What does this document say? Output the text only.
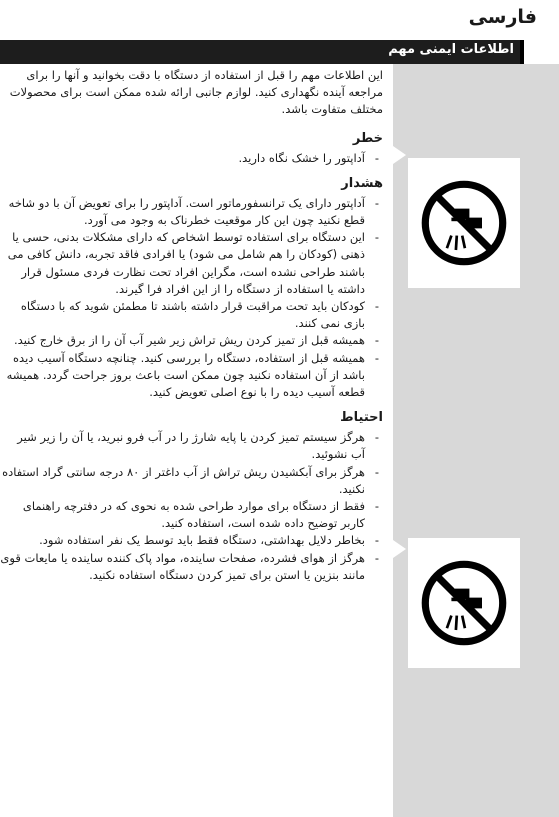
فارسی
اطلاعات ایمنی مهم

این اطلاعات مهم را قبل از استفاده از دستگاه با دقت بخوانید و آنها را برای مراجعه آینده نگهداری کنید. لوازم جانبی ارائه شده ممکن است برای محصولات مختلف متفاوت باشد.

خطر
-
آداپتور را خشک نگاه دارید.
هشدار
-
آداپتور دارای یک ترانسفورماتور است. آداپتور را برای تعویض آن با دو شاخه قطع نکنید چون این کار موقعیت خطرناک به وجود می آورد.
-
این دستگاه برای استفاده توسط اشخاص که دارای مشکلات بدنی، حسی یا ذهنی (کودکان را هم شامل می شود) یا افرادی فاقد تجربه، دانش کافی می باشند طراحی نشده است، مگراین افراد تحت نظارت فردی مسئول قرار داشته یا استفاده از دستگاه را از این افراد فرا گیرند.
-
کودکان باید تحت مراقبت قرار داشته باشند تا مطمئن شوید که با دستگاه بازی نمی کنند.
-
همیشه قبل از تمیز کردن ریش تراش زیر شیر آب آن را از برق خارج کنید.
-
همیشه قبل از استفاده، دستگاه را بررسی کنید. چنانچه دستگاه آسیب دیده باشد از آن استفاده نکنید چون ممکن است باعث بروز جراحت گردد. همیشه قطعه آسیب دیده را با نوع اصلی تعویض کنید.
احتیاط
-
هرگز سیستم تمیز کردن یا پایه شارژ را در آب فرو نبرید، یا آن را زیر شیر آب نشوئید.
-
هرگز برای آبکشیدن ریش تراش از آب داغتر از ۸۰ درجه سانتی گراد استفاده نکنید.
-
فقط از دستگاه برای موارد طراحی شده به نحوی که در دفترچه راهنمای کاربر توضیح داده شده است، استفاده کنید.
-
بخاطر دلایل بهداشتی، دستگاه فقط باید توسط یک نفر استفاده شود.
-
هرگز از هوای فشرده، صفحات ساینده، مواد پاک کننده ساینده یا مایعات قوی مانند بنزین یا استن برای تمیز کردن دستگاه استفاده نکنید.
